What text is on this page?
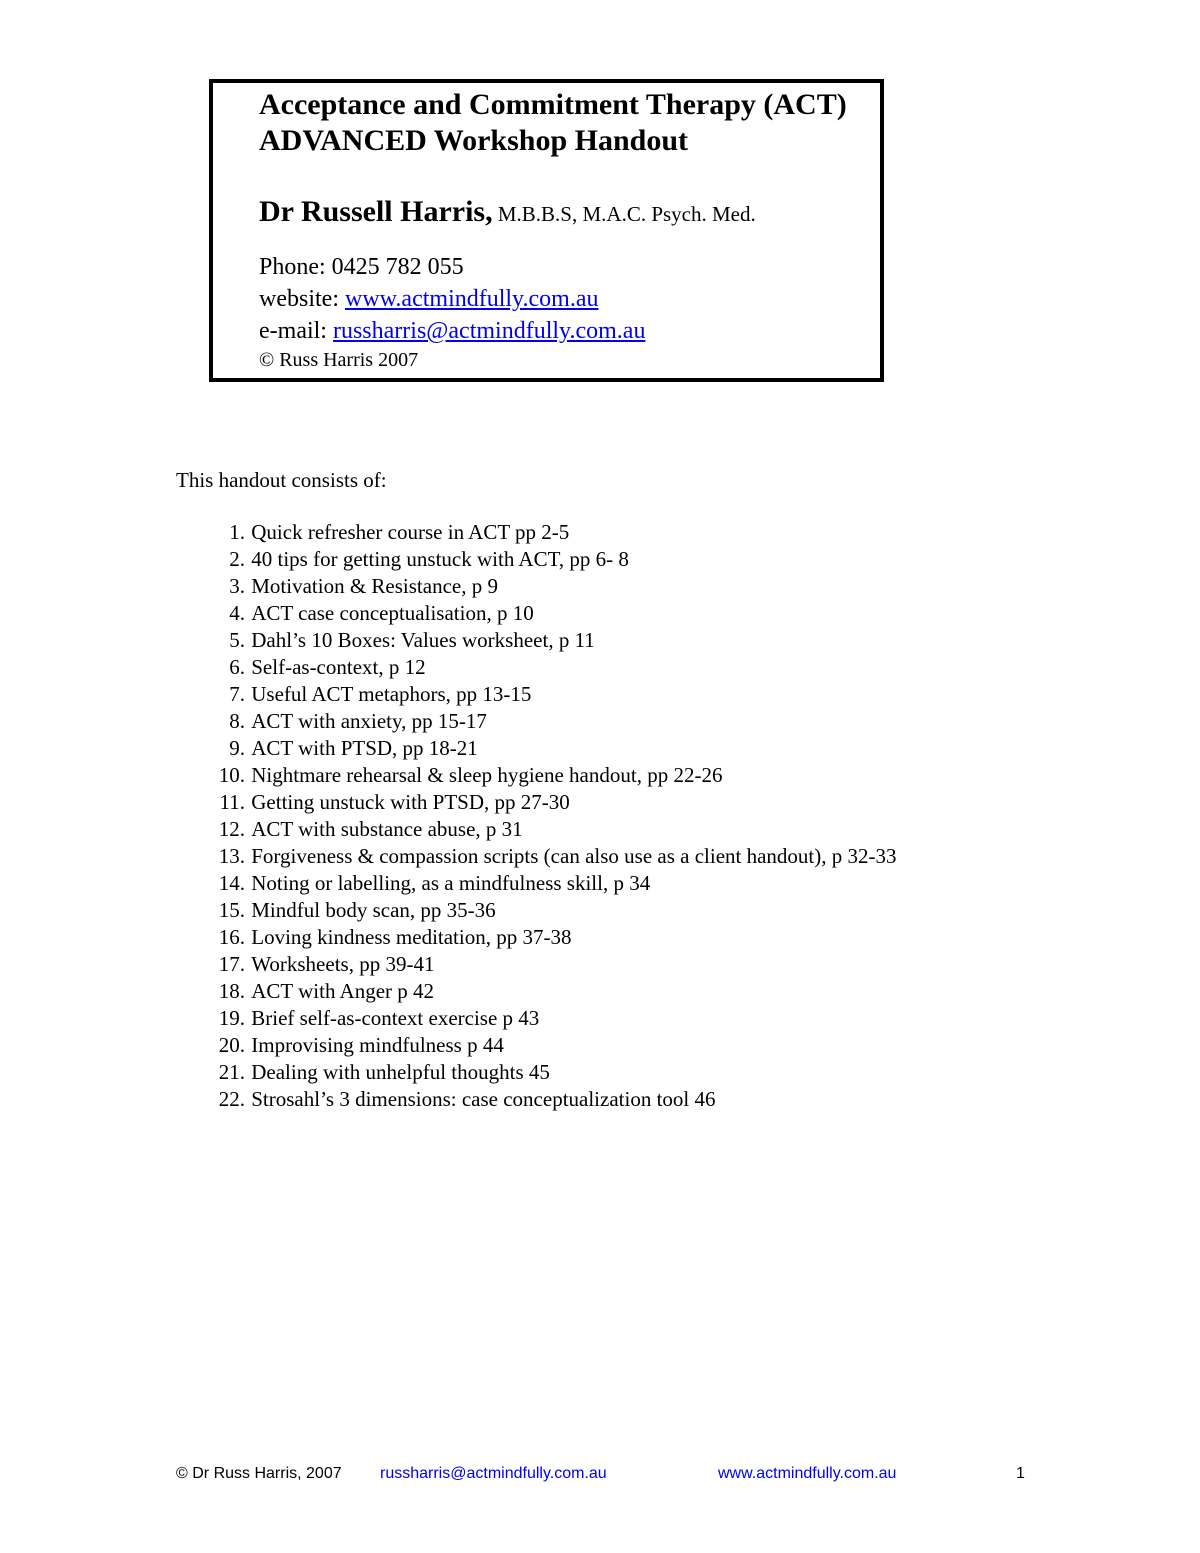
Acceptance and Commitment Therapy (ACT)
ADVANCED Workshop Handout
Dr Russell Harris, M.B.B.S, M.A.C. Psych. Med.
Phone: 0425 782 055
website: www.actmindfully.com.au
e-mail: russharris@actmindfully.com.au
© Russ Harris 2007
This handout consists of:
1. Quick refresher course in ACT pp 2-5
2. 40 tips for getting unstuck with ACT, pp 6- 8
3. Motivation & Resistance, p 9
4. ACT case conceptualisation, p 10
5. Dahl’s 10 Boxes: Values worksheet, p 11
6. Self-as-context, p 12
7. Useful ACT metaphors, pp 13-15
8. ACT with anxiety, pp 15-17
9. ACT with PTSD, pp 18-21
10. Nightmare rehearsal & sleep hygiene handout, pp 22-26
11. Getting unstuck with PTSD, pp 27-30
12. ACT with substance abuse, p 31
13. Forgiveness & compassion scripts (can also use as a client handout), p 32-33
14. Noting or labelling, as a mindfulness skill, p 34
15. Mindful body scan, pp 35-36
16. Loving kindness meditation, pp 37-38
17. Worksheets, pp 39-41
18. ACT with Anger p 42
19. Brief self-as-context exercise p 43
20. Improvising mindfulness p 44
21. Dealing with unhelpful thoughts 45
22. Strosahl’s 3 dimensions: case conceptualization tool 46
© Dr Russ Harris, 2007 russharris@actmindfully.com.au	www.actmindfully.com.au	1
